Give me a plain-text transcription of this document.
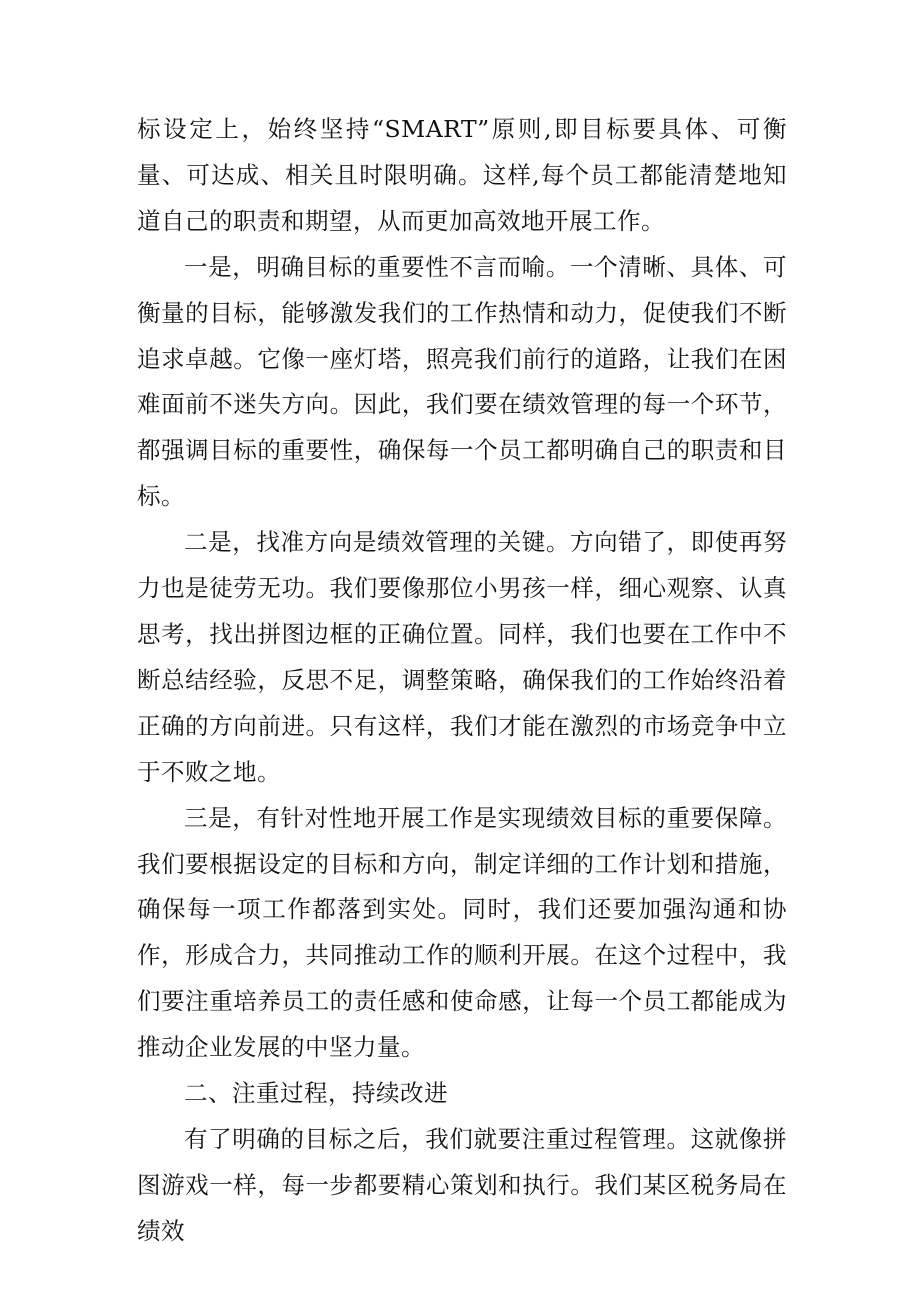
标设定上，始终坚持“SMART”原则,即目标要具体、可衡量、可达成、相关且时限明确。这样,每个员工都能清楚地知道自己的职责和期望，从而更加高效地开展工作。

一是，明确目标的重要性不言而喻。一个清晰、具体、可衡量的目标，能够激发我们的工作热情和动力，促使我们不断追求卓越。它像一座灯塔，照亮我们前行的道路，让我们在困难面前不迷失方向。因此，我们要在绩效管理的每一个环节，都强调目标的重要性，确保每一个员工都明确自己的职责和目标。

二是，找准方向是绩效管理的关键。方向错了，即使再努力也是徒劳无功。我们要像那位小男孩一样，细心观察、认真思考，找出拼图边框的正确位置。同样，我们也要在工作中不断总结经验，反思不足，调整策略，确保我们的工作始终沿着正确的方向前进。只有这样，我们才能在激烈的市场竞争中立于不败之地。

三是，有针对性地开展工作是实现绩效目标的重要保障。我们要根据设定的目标和方向，制定详细的工作计划和措施，确保每一项工作都落到实处。同时，我们还要加强沟通和协作，形成合力，共同推动工作的顺利开展。在这个过程中，我们要注重培养员工的责任感和使命感，让每一个员工都能成为推动企业发展的中坚力量。

二、注重过程，持续改进

有了明确的目标之后，我们就要注重过程管理。这就像拼图游戏一样，每一步都要精心策划和执行。我们某区税务局在绩效
